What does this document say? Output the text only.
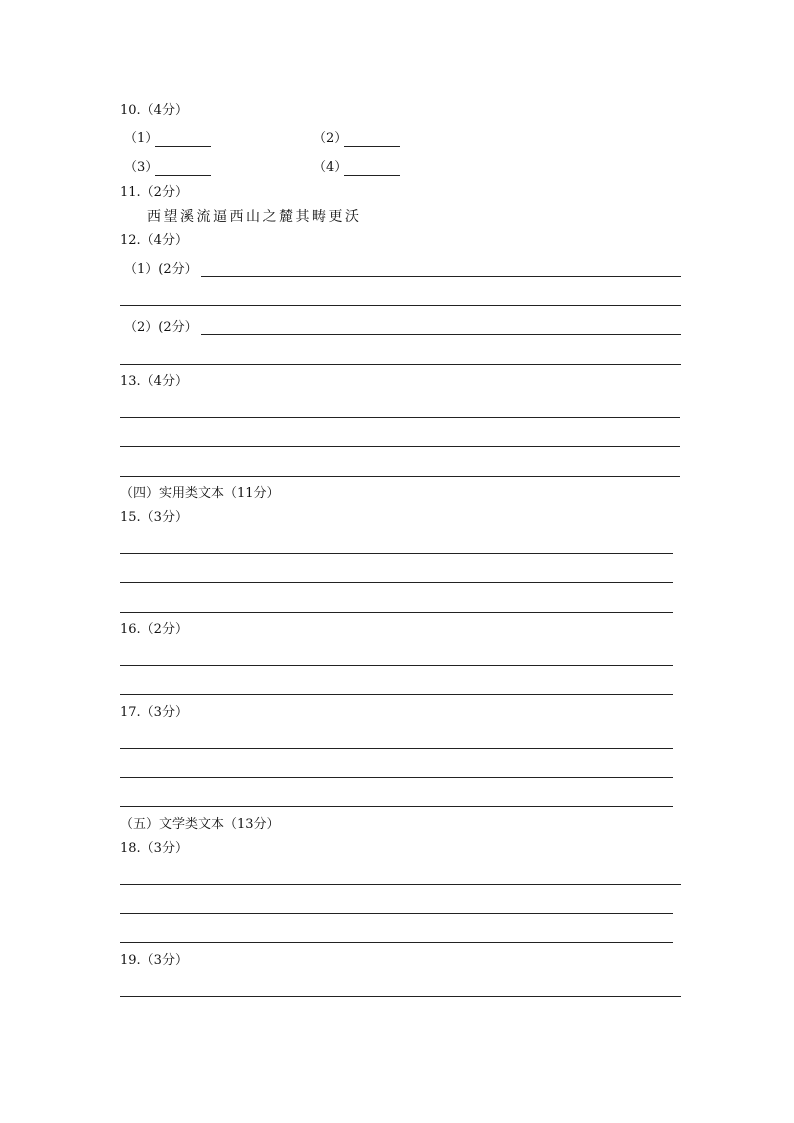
10.（4分）
（1）	（2）
（3）	（4）
11.（2分）
西望溪流逼西山之麓其畴更沃
12.（4分）
（1）(2分）
（2）(2分）
13.（4分）
（四）实用类文本（11分）
15.（3分）
16.（2分）
17.（3分）
（五）文学类文本（13分）
18.（3分）
19.（3分）
